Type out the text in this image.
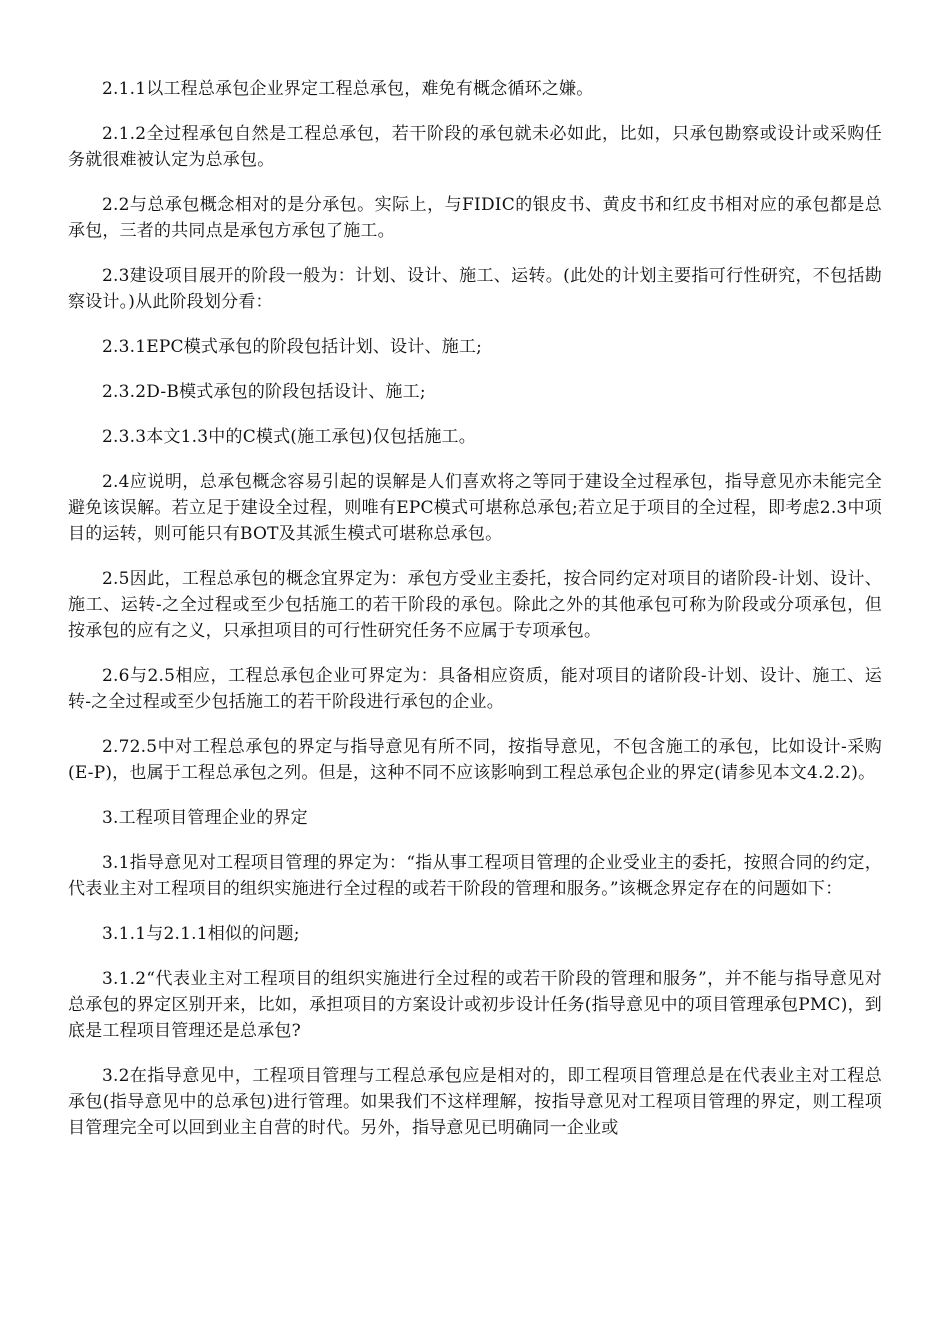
2.1.1以工程总承包企业界定工程总承包，难免有概念循环之嫌。

2.1.2全过程承包自然是工程总承包，若干阶段的承包就未必如此，比如，只承包勘察或设计或采购任务就很难被认定为总承包。

2.2与总承包概念相对的是分承包。实际上，与FIDIC的银皮书、黄皮书和红皮书相对应的承包都是总承包，三者的共同点是承包方承包了施工。

2.3建设项目展开的阶段一般为：计划、设计、施工、运转。(此处的计划主要指可行性研究，不包括勘察设计。)从此阶段划分看：

2.3.1EPC模式承包的阶段包括计划、设计、施工;

2.3.2D-B模式承包的阶段包括设计、施工;

2.3.3本文1.3中的C模式(施工承包)仅包括施工。

2.4应说明，总承包概念容易引起的误解是人们喜欢将之等同于建设全过程承包，指导意见亦未能完全避免该误解。若立足于建设全过程，则唯有EPC模式可堪称总承包;若立足于项目的全过程，即考虑2.3中项目的运转，则可能只有BOT及其派生模式可堪称总承包。

2.5因此，工程总承包的概念宜界定为：承包方受业主委托，按合同约定对项目的诸阶段-计划、设计、施工、运转-之全过程或至少包括施工的若干阶段的承包。除此之外的其他承包可称为阶段或分项承包，但按承包的应有之义，只承担项目的可行性研究任务不应属于专项承包。

2.6与2.5相应，工程总承包企业可界定为：具备相应资质，能对项目的诸阶段-计划、设计、施工、运转-之全过程或至少包括施工的若干阶段进行承包的企业。

2.72.5中对工程总承包的界定与指导意见有所不同，按指导意见，不包含施工的承包，比如设计-采购(E-P)，也属于工程总承包之列。但是，这种不同不应该影响到工程总承包企业的界定(请参见本文4.2.2)。

3.工程项目管理企业的界定

3.1指导意见对工程项目管理的界定为：“指从事工程项目管理的企业受业主的委托，按照合同的约定，代表业主对工程项目的组织实施进行全过程的或若干阶段的管理和服务。”该概念界定存在的问题如下：

3.1.1与2.1.1相似的问题;

3.1.2“代表业主对工程项目的组织实施进行全过程的或若干阶段的管理和服务”，并不能与指导意见对总承包的界定区别开来，比如，承担项目的方案设计或初步设计任务(指导意见中的项目管理承包PMC)，到底是工程项目管理还是总承包?

3.2在指导意见中，工程项目管理与工程总承包应是相对的，即工程项目管理总是在代表业主对工程总承包(指导意见中的总承包)进行管理。如果我们不这样理解，按指导意见对工程项目管理的界定，则工程项目管理完全可以回到业主自营的时代。另外，指导意见已明确同一企业或
